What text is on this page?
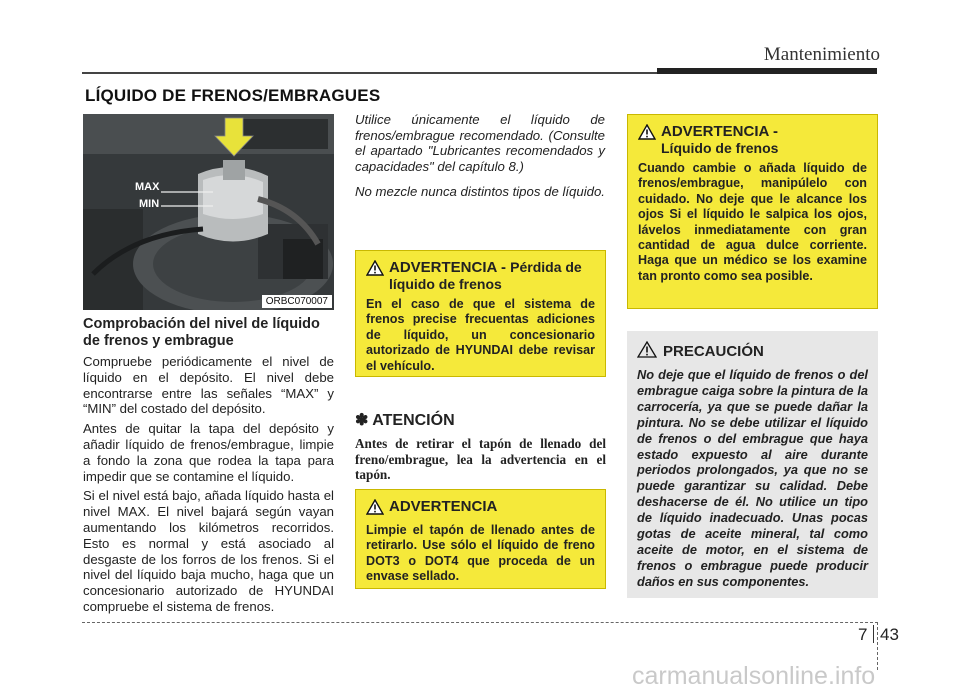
Mantenimiento
LÍQUIDO DE FRENOS/EMBRAGUES
MAX
MIN
ORBC070007
Comprobación del nivel de líquido de frenos y embrague

Compruebe periódicamente el nivel de líquido en el depósito. El nivel debe encontrarse entre las señales “MAX” y “MIN” del costado del depósito.

Antes de quitar la tapa del depósito y añadir líquido de frenos/embrague, limpie a fondo la zona que rodea la tapa para impedir que se contamine el líquido.

Si el nivel está bajo, añada líquido hasta el nivel MAX. El nivel bajará según vayan aumentando los kilómetros recorridos. Esto es normal y está asociado al desgaste de los forros de los frenos. Si el nivel del líquido baja mucho, haga que un concesionario autorizado de HYUNDAI compruebe el sistema de frenos.

Utilice únicamente el líquido de frenos/embrague recomendado. (Consulte el apartado "Lubricantes recomendados y capacidades" del capítulo 8.)

No mezcle nunca distintos tipos de líquido.

ADVERTENCIA - Pérdida de líquido de frenos
En el caso de que el sistema de frenos precise frecuentas adiciones de líquido, un concesionario autorizado de HYUNDAI debe revisar el vehículo.
✽ ATENCIÓN
Antes de retirar el tapón de llenado del freno/embrague, lea la advertencia en el tapón.
ADVERTENCIA
Limpie el tapón de llenado antes de retirarlo. Use sólo el líquido de freno DOT3 o DOT4 que proceda de un envase sellado.
ADVERTENCIA -
Líquido de frenos
Cuando cambie o añada líquido de frenos/embrague, manipúlelo con cuidado. No deje que le alcance los ojos Si el líquido le salpica los ojos, lávelos inmediatamente con gran cantidad de agua dulce corriente. Haga que un médico se los examine tan pronto como sea posible.
PRECAUCIÓN
No deje que el líquido de frenos o del embrague caiga sobre la pintura de la carrocería, ya que se puede dañar la pintura. No se debe utilizar el líquido de frenos o del embrague que haya estado expuesto al aire durante periodos prolongados, ya que no se puede garantizar su calidad. Debe deshacerse de él. No utilice un tipo de líquido inadecuado. Unas pocas gotas de aceite mineral, tal como aceite de motor, en el sistema de frenos o embrague puede producir daños en sus componentes.
7 43
carmanualsonline.info
